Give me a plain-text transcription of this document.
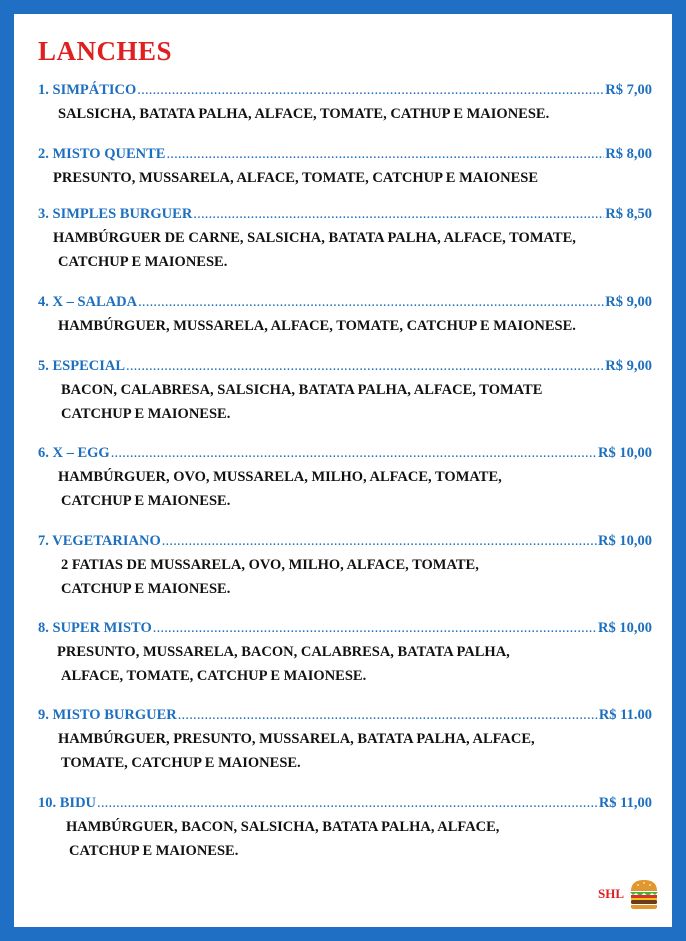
LANCHES
1. SIMPÁTICO .....	R$ 7,00
SALSICHA, BATATA PALHA, ALFACE, TOMATE, CATHUP E MAIONESE.
2. MISTO QUENTE .....	R$ 8,00
PRESUNTO, MUSSARELA, ALFACE, TOMATE, CATCHUP E MAIONESE
3. SIMPLES BURGUER .....	R$ 8,50
HAMBÚRGUER DE CARNE, SALSICHA, BATATA PALHA, ALFACE, TOMATE,
CATCHUP E MAIONESE.
4. X – SALADA .....	R$ 9,00
HAMBÚRGUER, MUSSARELA, ALFACE, TOMATE, CATCHUP E MAIONESE.
5. ESPECIAL .....	R$ 9,00
BACON, CALABRESA, SALSICHA, BATATA PALHA, ALFACE, TOMATE
CATCHUP E MAIONESE.
6. X – EGG .....	R$ 10,00
HAMBÚRGUER, OVO, MUSSARELA, MILHO, ALFACE, TOMATE,
CATCHUP E MAIONESE.
7. VEGETARIANO .....	R$ 10,00
2 FATIAS DE MUSSARELA, OVO, MILHO, ALFACE, TOMATE,
CATCHUP E MAIONESE.
8. SUPER MISTO .....	R$ 10,00
PRESUNTO, MUSSARELA, BACON, CALABRESA, BATATA PALHA,
ALFACE, TOMATE, CATCHUP E MAIONESE.
9. MISTO BURGUER .....	R$ 11.00
HAMBÚRGUER, PRESUNTO, MUSSARELA, BATATA PALHA, ALFACE,
TOMATE, CATCHUP E MAIONESE.
10. BIDU .....	R$ 11,00
HAMBÚRGUER, BACON, SALSICHA, BATATA PALHA, ALFACE,
CATCHUP E MAIONESE.
SHL
